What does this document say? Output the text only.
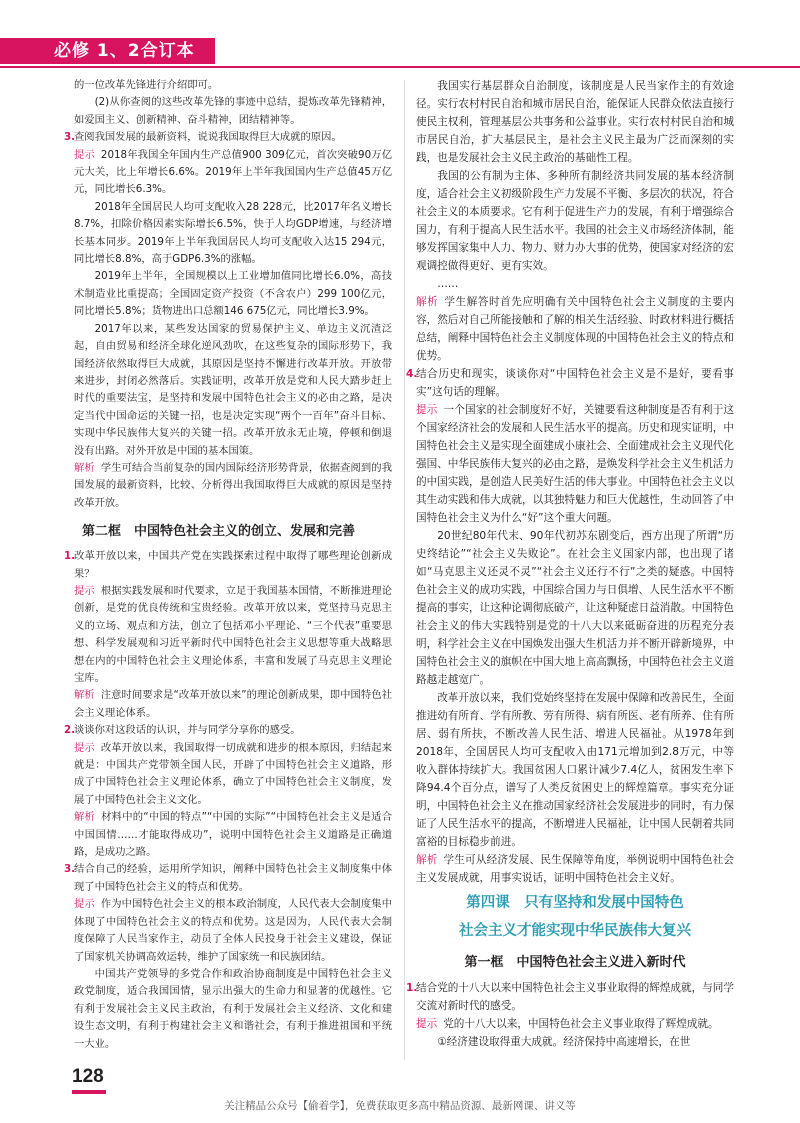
必修 1、2合订本
的一位改革先锋进行介绍即可。
(2)从你查阅的这些改革先锋的事迹中总结，提炼改革先锋精神，如爱国主义、创新精神、奋斗精神，团结精神等。
3.
查阅我国发展的最新资料，说说我国取得巨大成就的原因。
提示 2018年我国全年国内生产总值900 309亿元，首次突破90万亿元大关，比上年增长6.6%。2019年上半年我国国内生产总值45万亿元，同比增长6.3%。
2018年全国居民人均可支配收入28 228元，比2017年名义增长8.7%，扣除价格因素实际增长6.5%，快于人均GDP增速，与经济增长基本同步。2019年上半年我国居民人均可支配收入达15 294元，同比增长8.8%，高于GDP6.3%的涨幅。
2019年上半年，全国规模以上工业增加值同比增长6.0%，高技术制造业比重提高；全国固定资产投资（不含农户）299 100亿元，同比增长5.8%；货物进出口总额146 675亿元，同比增长3.9%。
2017年以来，某些发达国家的贸易保护主义、单边主义沉渣泛起，自由贸易和经济全球化逆风劲吹，在这些复杂的国际形势下，我国经济依然取得巨大成就，其原因是坚持不懈进行改革开放。开放带来进步，封闭必然落后。实践证明，改革开放是党和人民大踏步赶上时代的重要法宝，是坚持和发展中国特色社会主义的必由之路，是决定当代中国命运的关键一招，也是决定实现“两个一百年”奋斗目标、实现中华民族伟大复兴的关键一招。改革开放永无止境，停顿和倒退没有出路。对外开放是中国的基本国策。
解析 学生可结合当前复杂的国内国际经济形势背景，依据查阅到的我国发展的最新资料，比较、分析得出我国取得巨大成就的原因是坚持改革开放。
第二框　中国特色社会主义的创立、发展和完善
1.
改革开放以来，中国共产党在实践探索过程中取得了哪些理论创新成果？
提示 根据实践发展和时代要求，立足于我国基本国情，不断推进理论创新，是党的优良传统和宝贵经验。改革开放以来，党坚持马克思主义的立场、观点和方法，创立了包括邓小平理论、“三个代表”重要思想、科学发展观和习近平新时代中国特色社会主义思想等重大战略思想在内的中国特色社会主义理论体系，丰富和发展了马克思主义理论宝库。
解析 注意时间要求是“改革开放以来”的理论创新成果，即中国特色社会主义理论体系。
2.
谈谈你对这段话的认识，并与同学分享你的感受。
提示 改革开放以来，我国取得一切成就和进步的根本原因，归结起来就是：中国共产党带领全国人民，开辟了中国特色社会主义道路，形成了中国特色社会主义理论体系，确立了中国特色社会主义制度，发展了中国特色社会主义文化。
解析 材料中的“中国的特点”“中国的实际”“中国特色社会主义是适合中国国情……才能取得成功”，说明中国特色社会主义道路是正确道路，是成功之路。
3.
结合自己的经验，运用所学知识，阐释中国特色社会主义制度集中体现了中国特色社会主义的特点和优势。
提示 作为中国特色社会主义的根本政治制度，人民代表大会制度集中体现了中国特色社会主义的特点和优势。这是因为，人民代表大会制度保障了人民当家作主，动员了全体人民投身于社会主义建设，保证了国家机关协调高效运转，维护了国家统一和民族团结。
中国共产党领导的多党合作和政治协商制度是中国特色社会主义政党制度，适合我国国情，显示出强大的生命力和显著的优越性。它有利于发展社会主义民主政治，有利于发展社会主义经济、文化和建设生态文明，有利于构建社会主义和谐社会，有利于推进祖国和平统一大业。
我国实行基层群众自治制度，该制度是人民当家作主的有效途径。实行农村村民自治和城市居民自治，能保证人民群众依法直接行使民主权利，管理基层公共事务和公益事业。实行农村村民自治和城市居民自治，扩大基层民主，是社会主义民主最为广泛而深刻的实践，也是发展社会主义民主政治的基础性工程。
我国的公有制为主体、多种所有制经济共同发展的基本经济制度，适合社会主义初级阶段生产力发展不平衡、多层次的状况，符合社会主义的本质要求。它有利于促进生产力的发展，有利于增强综合国力，有利于提高人民生活水平。我国的社会主义市场经济体制，能够发挥国家集中人力、物力、财力办大事的优势，使国家对经济的宏观调控做得更好、更有实效。
……
解析 学生解答时首先应明确有关中国特色社会主义制度的主要内容，然后对自己所能接触和了解的相关生活经验、时政材料进行概括总结，阐释中国特色社会主义制度体现的中国特色社会主义的特点和优势。
4.
结合历史和现实，谈谈你对“中国特色社会主义是不是好，要看事实”这句话的理解。
提示 一个国家的社会制度好不好，关键要看这种制度是否有利于这个国家经济社会的发展和人民生活水平的提高。历史和现实证明，中国特色社会主义是实现全面建成小康社会、全面建成社会主义现代化强国、中华民族伟大复兴的必由之路，是焕发科学社会主义生机活力的中国实践，是创造人民美好生活的伟大事业。中国特色社会主义以其生动实践和伟大成就，以其独特魅力和巨大优越性，生动回答了中国特色社会主义为什么“好”这个重大问题。
20世纪80年代末、90年代初苏东剧变后，西方出现了所谓“历史终结论”“社会主义失败论”。在社会主义国家内部，也出现了诸如“马克思主义还灵不灵”“社会主义还行不行”之类的疑惑。中国特色社会主义的成功实践，中国综合国力与日俱增、人民生活水平不断提高的事实，让这种论调彻底破产，让这种疑虑日益消散。中国特色社会主义的伟大实践特别是党的十八大以来砥砺奋进的历程充分表明，科学社会主义在中国焕发出强大生机活力并不断开辟新境界，中国特色社会主义的旗帜在中国大地上高高飘扬，中国特色社会主义道路越走越宽广。
改革开放以来，我们党始终坚持在发展中保障和改善民生，全面推进幼有所育、学有所教、劳有所得、病有所医、老有所养、住有所居、弱有所扶，不断改善人民生活、增进人民福祉。从1978年到2018年，全国居民人均可支配收入由171元增加到2.8万元，中等收入群体持续扩大。我国贫困人口累计减少7.4亿人，贫困发生率下降94.4个百分点，谱写了人类反贫困史上的辉煌篇章。事实充分证明，中国特色社会主义在推动国家经济社会发展进步的同时，有力保证了人民生活水平的提高，不断增进人民福祉，让中国人民朝着共同富裕的目标稳步前进。
解析 学生可从经济发展、民生保障等角度，举例说明中国特色社会主义发展成就，用事实说话，证明中国特色社会主义好。
第四课　只有坚持和发展中国特色
社会主义才能实现中华民族伟大复兴
第一框　中国特色社会主义进入新时代
1.
结合党的十八大以来中国特色社会主义事业取得的辉煌成就，与同学交流对新时代的感受。
提示 党的十八大以来，中国特色社会主义事业取得了辉煌成就。
①经济建设取得重大成就。经济保持中高速增长，在世
128
关注精品公众号【偷着学】，免费获取更多高中精品资源、最新网课、讲义等
